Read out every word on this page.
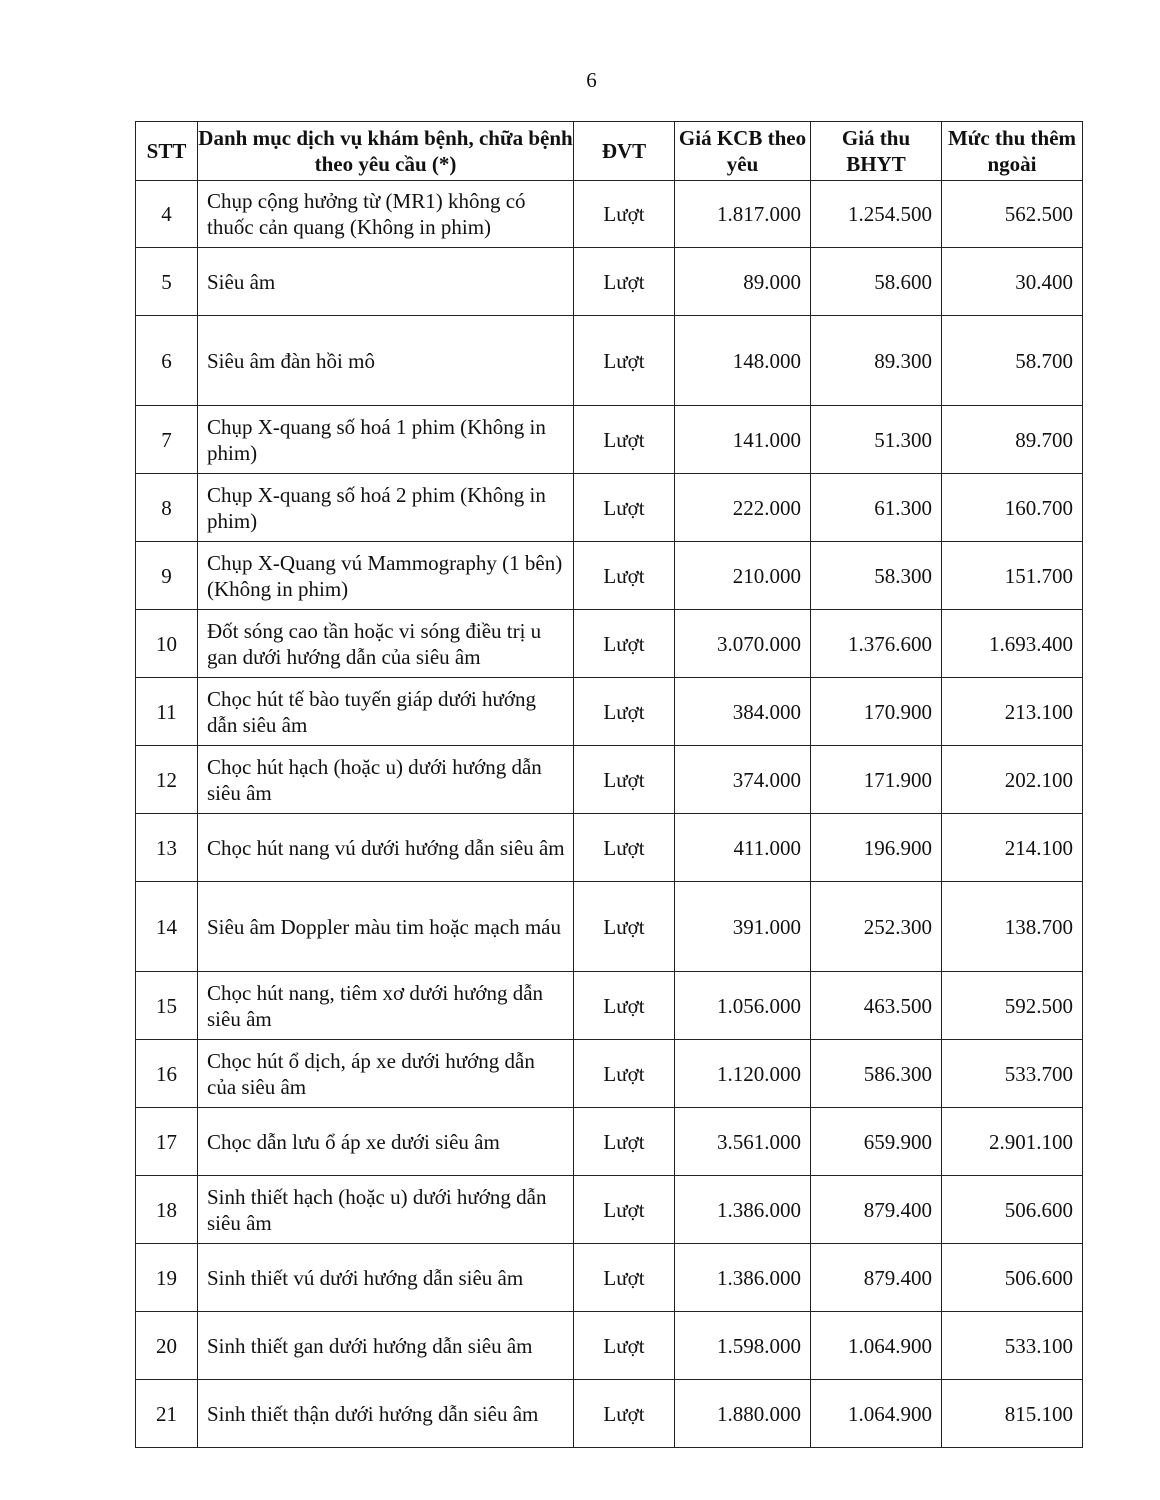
6
STT	Danh mục dịch vụ khám bệnh, chữa bệnh theo yêu cầu (*)	ĐVT	Giá KCB theo yêu	Giá thu BHYT	Mức thu thêm ngoài
4	Chụp cộng hưởng từ (MR1) không có thuốc cản quang (Không in phim)	Lượt	1.817.000	1.254.500	562.500
5	Siêu âm	Lượt	89.000	58.600	30.400
6	Siêu âm đàn hồi mô	Lượt	148.000	89.300	58.700
7	Chụp X-quang số hoá 1 phim (Không in phim)	Lượt	141.000	51.300	89.700
8	Chụp X-quang số hoá 2 phim (Không in phim)	Lượt	222.000	61.300	160.700
9	Chụp X-Quang vú Mammography (1 bên)  (Không in phim)	Lượt	210.000	58.300	151.700
10	Đốt sóng cao tần hoặc vi sóng điều trị u gan dưới hướng dẫn của siêu âm	Lượt	3.070.000	1.376.600	1.693.400
11	Chọc hút tế bào tuyến giáp dưới hướng dẫn siêu âm	Lượt	384.000	170.900	213.100
12	Chọc hút hạch (hoặc u) dưới hướng dẫn siêu âm	Lượt	374.000	171.900	202.100
13	Chọc hút nang vú dưới hướng dẫn siêu âm	Lượt	411.000	196.900	214.100
14	Siêu âm Doppler màu tim hoặc mạch máu	Lượt	391.000	252.300	138.700
15	Chọc hút nang, tiêm xơ dưới hướng dẫn siêu âm	Lượt	1.056.000	463.500	592.500
16	Chọc hút ổ dịch, áp xe dưới hướng dẫn của siêu âm	Lượt	1.120.000	586.300	533.700
17	Chọc dẫn lưu ổ áp xe dưới siêu âm	Lượt	3.561.000	659.900	2.901.100
18	Sinh thiết hạch (hoặc u) dưới hướng dẫn siêu âm	Lượt	1.386.000	879.400	506.600
19	Sinh thiết vú dưới hướng dẫn siêu âm	Lượt	1.386.000	879.400	506.600
20	Sinh thiết gan dưới hướng dẫn siêu âm	Lượt	1.598.000	1.064.900	533.100
21	Sinh thiết thận dưới hướng dẫn siêu âm	Lượt	1.880.000	1.064.900	815.100
